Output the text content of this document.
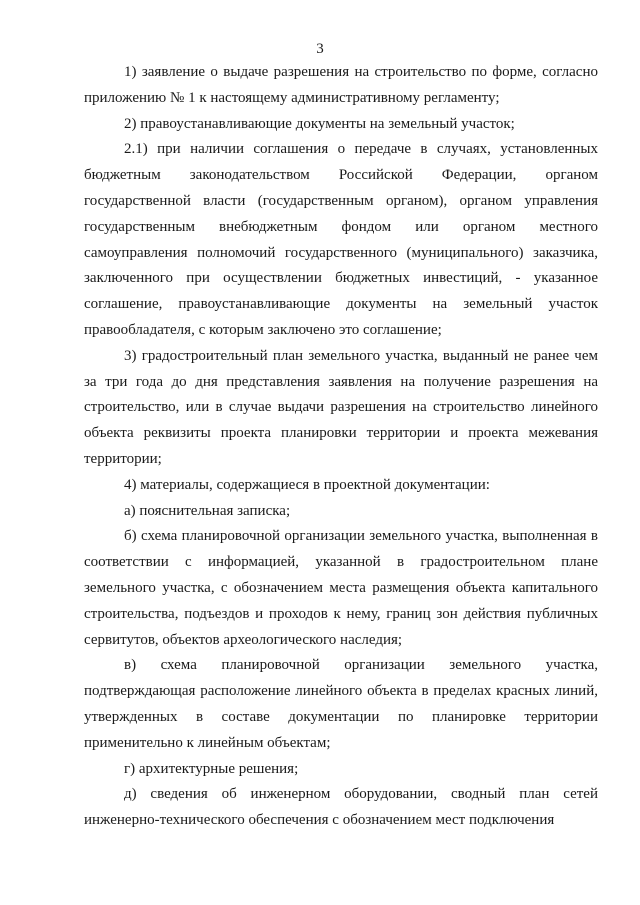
3

1) заявление о выдаче разрешения на строительство по форме, согласно приложению № 1 к настоящему административному регламенту;

2) правоустанавливающие документы на земельный участок;

2.1) при наличии соглашения о передаче в случаях, установленных бюджетным законодательством Российской Федерации, органом государственной власти (государственным органом), органом управления государственным внебюджетным фондом или органом местного самоуправления полномочий государственного (муниципального) заказчика, заключенного при осуществлении бюджетных инвестиций, - указанное соглашение, правоустанавливающие документы на земельный участок правообладателя, с которым заключено это соглашение;

3) градостроительный план земельного участка, выданный не ранее чем за три года до дня представления заявления на получение разрешения на строительство, или в случае выдачи разрешения на строительство линейного объекта реквизиты проекта планировки территории и проекта межевания территории;

4) материалы, содержащиеся в проектной документации:

а) пояснительная записка;

б) схема планировочной организации земельного участка, выполненная в соответствии с информацией, указанной в градостроительном плане земельного участка, с обозначением места размещения объекта капитального строительства, подъездов и проходов к нему, границ зон действия публичных сервитутов, объектов археологического наследия;

в) схема планировочной организации земельного участка, подтверждающая расположение линейного объекта в пределах красных линий, утвержденных в составе документации по планировке территории применительно к линейным объектам;

г) архитектурные решения;

д) сведения об инженерном оборудовании, сводный план сетей инженерно-технического обеспечения с обозначением мест подключения
